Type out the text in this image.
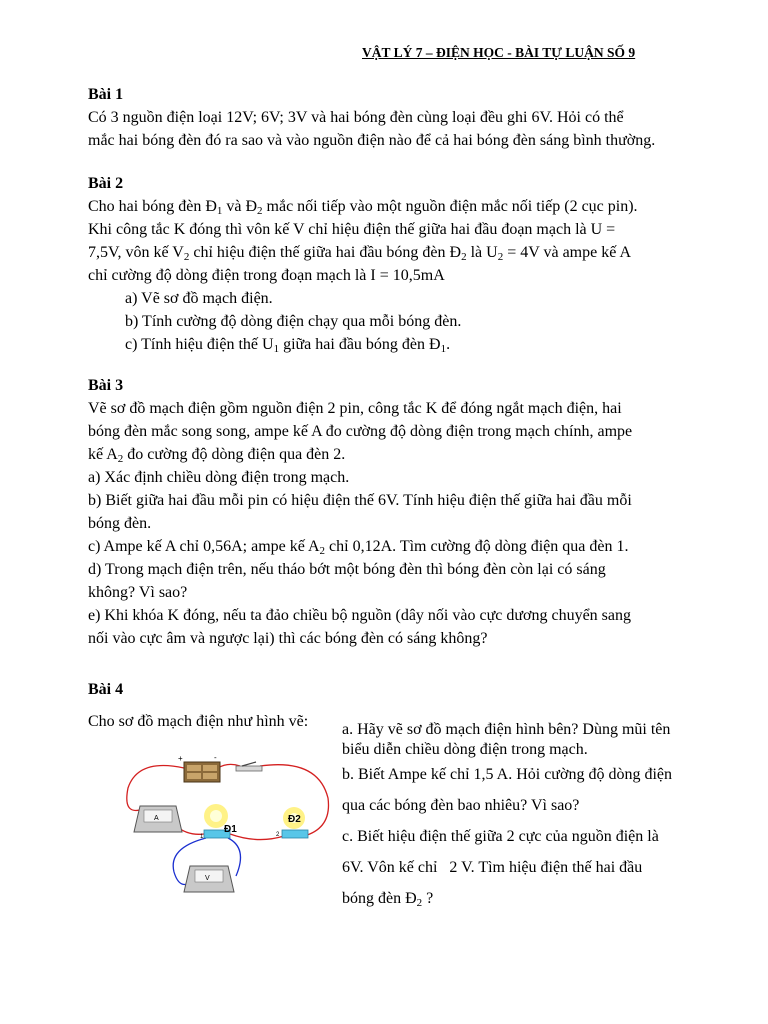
VẬT LÝ 7 – ĐIỆN HỌC - BÀI TỰ LUẬN SỐ 9
Bài 1
Có 3 nguồn điện loại 12V; 6V; 3V và hai bóng đèn cùng loại đều ghi 6V. Hỏi có thể
mắc hai bóng đèn đó ra sao và vào nguồn điện nào để cả hai bóng đèn sáng bình thường.
Bài 2
Cho hai bóng đèn $Đ_1$ và $Đ_2$ mắc nối tiếp vào một nguồn điện mắc nối tiếp (2 cục pin).
Khi công tắc K đóng thì vôn kế V chỉ hiệu điện thế giữa hai đầu đoạn mạch là U =
7,5V, vôn kế $V_2$ chỉ hiệu điện thế giữa hai đầu bóng đèn $Đ_2$ là $U_2 = 4V$ và ampe kế A
chỉ cường độ dòng điện trong đoạn mạch là I = 10,5mA
a) Vẽ sơ đồ mạch điện.
b) Tính cường độ dòng điện chạy qua mỗi bóng đèn.
c) Tính hiệu điện thế $U_1$ giữa hai đầu bóng đèn $Đ_1$.
Bài 3
Vẽ sơ đồ mạch điện gồm nguồn điện 2 pin, công tắc K để đóng ngắt mạch điện, hai
bóng đèn mắc song song, ampe kế A đo cường độ dòng điện trong mạch chính, ampe
kế $A_2$ đo cường độ dòng điện qua đèn 2.
a) Xác định chiều dòng điện trong mạch.
b) Biết giữa hai đầu mỗi pin có hiệu điện thế 6V. Tính hiệu điện thế giữa hai đầu mỗi
bóng đèn.
c) Ampe kế A chỉ 0,56A; ampe kế $A_2$ chỉ 0,12A. Tìm cường độ dòng điện qua đèn 1.
d) Trong mạch điện trên, nếu tháo bớt một bóng đèn thì bóng đèn còn lại có sáng
không? Vì sao?
e) Khi khóa K đóng, nếu ta đảo chiều bộ nguồn (dây nối vào cực dương chuyển sang
nối vào cực âm và ngược lại) thì các bóng đèn có sáng không?
Bài 4
Cho sơ đồ mạch điện như hình vẽ:	a. Hãy vẽ sơ đồ mạch điện hình bên? Dùng mũi tên
biểu diễn chiều dòng điện trong mạch.
b. Biết Ampe kế chỉ 1,5 A. Hỏi cường độ dòng điện
qua các bóng đèn bao nhiêu? Vì sao?
c. Biết hiệu điện thế giữa 2 cực của nguồn điện là
6V. Vôn kế chỉ   2 V. Tìm hiệu điện thế hai đầu
bóng đèn $Đ_2$ ?
+	-
A
Đ1
1
Đ2
2
V
